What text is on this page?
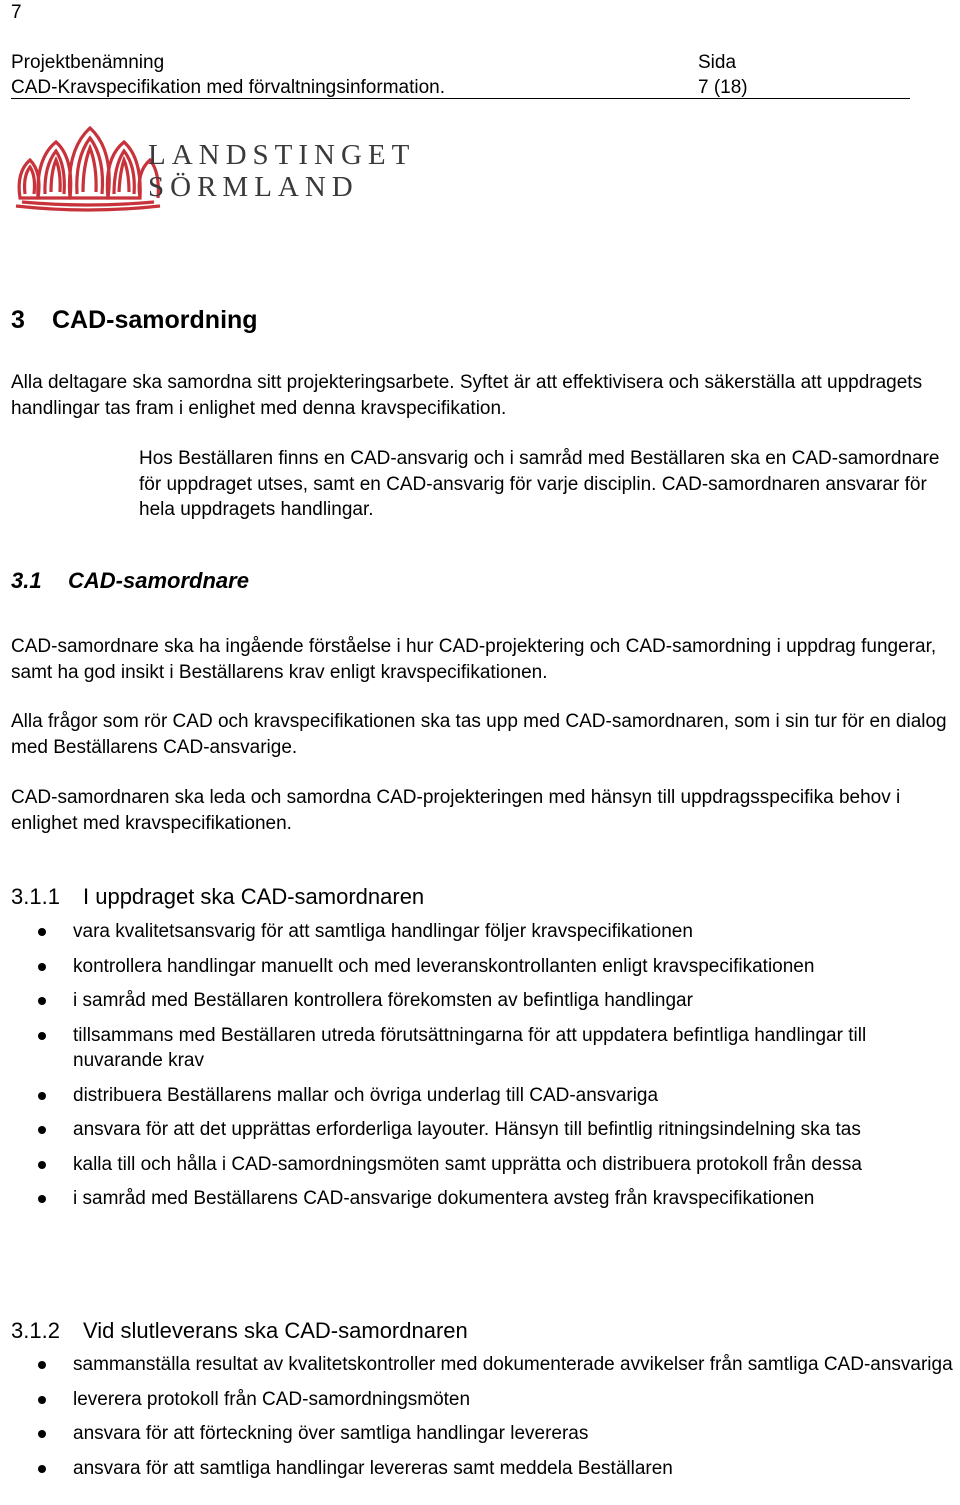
7
Projektbenämning
CAD-Kravspecifikation med förvaltningsinformation.
Sida
7 (18)
LANDSTINGET
SÖRMLAND
3 CAD-samordning
Alla deltagare ska samordna sitt projekteringsarbete. Syftet är att effektivisera och säkerställa att uppdragets handlingar tas fram i enlighet med denna kravspecifikation.
Hos Beställaren finns en CAD-ansvarig och i samråd med Beställaren ska en CAD-samordnare för uppdraget utses, samt en CAD-ansvarig för varje disciplin. CAD-samordnaren ansvarar för hela uppdragets handlingar.
3.1 CAD-samordnare
CAD-samordnare ska ha ingående förståelse i hur CAD-projektering och CAD-samordning i uppdrag fungerar, samt ha god insikt i Beställarens krav enligt kravspecifikationen.
Alla frågor som rör CAD och kravspecifikationen ska tas upp med CAD-samordnaren, som i sin tur för en dialog med Beställarens CAD-ansvarige.
CAD-samordnaren ska leda och samordna CAD-projekteringen med hänsyn till uppdragsspecifika behov i enlighet med kravspecifikationen.
3.1.1 I uppdraget ska CAD-samordnaren
vara kvalitetsansvarig för att samtliga handlingar följer kravspecifikationen
kontrollera handlingar manuellt och med leveranskontrollanten enligt kravspecifikationen
i samråd med Beställaren kontrollera förekomsten av befintliga handlingar
tillsammans med Beställaren utreda förutsättningarna för att uppdatera befintliga handlingar till nuvarande krav
distribuera Beställarens mallar och övriga underlag till CAD-ansvariga
ansvara för att det upprättas erforderliga layouter. Hänsyn till befintlig ritningsindelning ska tas
kalla till och hålla i CAD-samordningsmöten samt upprätta och distribuera protokoll från dessa
i samråd med Beställarens CAD-ansvarige dokumentera avsteg från kravspecifikationen
3.1.2 Vid slutleverans ska CAD-samordnaren
sammanställa resultat av kvalitetskontroller med dokumenterade avvikelser från samtliga CAD-ansvariga
leverera protokoll från CAD-samordningsmöten
ansvara för att förteckning över samtliga handlingar levereras
ansvara för att samtliga handlingar levereras samt meddela Beställaren
